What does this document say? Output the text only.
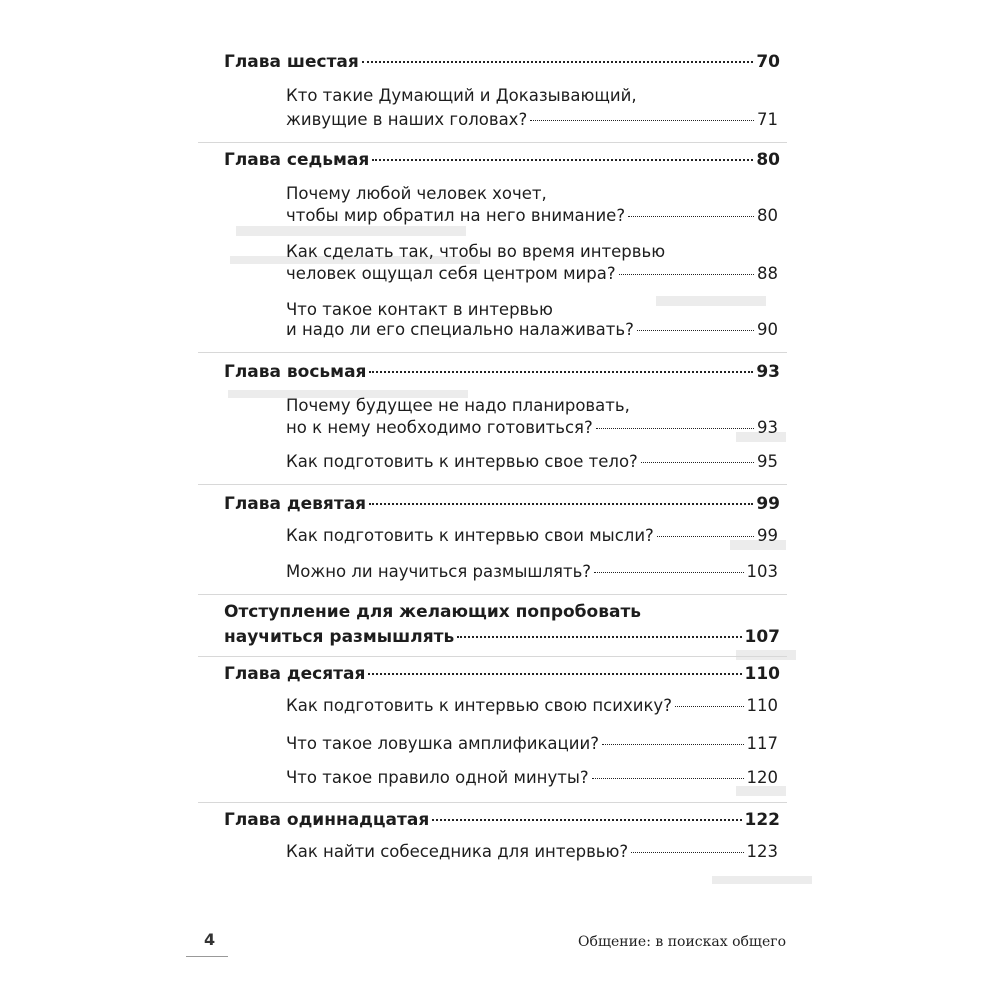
Глава шестая	70
Кто такие Думающий и Доказывающий,
живущие в наших головах?	71
Глава седьмая	80
Почему любой человек хочет,
чтобы мир обратил на него внимание?	80
Как сделать так, чтобы во время интервью
человек ощущал себя центром мира?	88
Что такое контакт в интервью
и надо ли его специально налаживать?	90
Глава восьмая	93
Почему будущее не надо планировать,
но к нему необходимо готовиться?	93
Как подготовить к интервью свое тело?	95
Глава девятая	99
Как подготовить к интервью свои мысли?	99
Можно ли научиться размышлять?	103
Отступление для желающих попробовать
научиться размышлять	107
Глава десятая	110
Как подготовить к интервью свою психику?	110
Что такое ловушка амплификации?	117
Что такое правило одной минуты?	120
Глава одиннадцатая	122
Как найти собеседника для интервью?	123
4	Общение: в поисках общего
